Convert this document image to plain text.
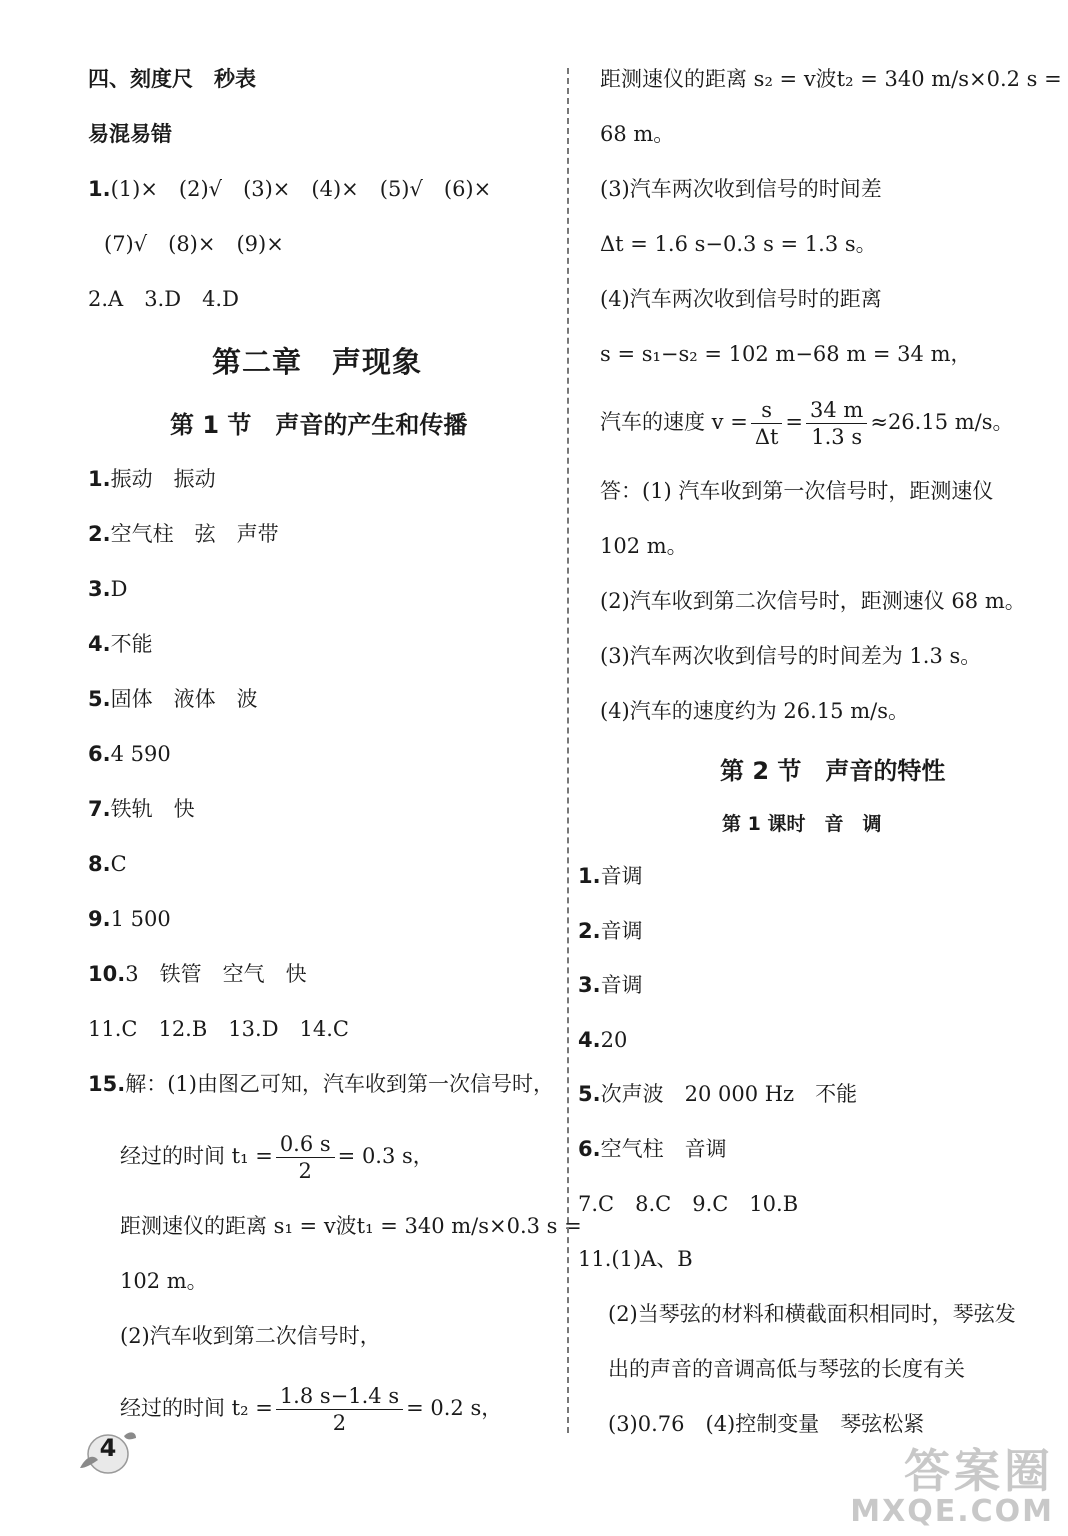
四、刻度尺　秒表
易混易错
1.(1)×　(2)√　(3)×　(4)×　(5)√　(6)×
(7)√　(8)×　(9)×
2.A　3.D　4.D
第二章　声现象
第 1 节　声音的产生和传播
1.振动　振动
2.空气柱　弦　声带
3.D
4.不能
5.固体　液体　波
6.4 590
7.铁轨　快
8.C
9.1 500
10.3　铁管　空气　快
11.C　12.B　13.D　14.C
15.解：(1)由图乙可知，汽车收到第一次信号时，
经过的时间 $t_1 = \frac{0.6 s}{2} = 0.3$ s，
距测速仪的距离 s₁ = v波t₁ = 340 m/s×0.3 s =
102 m。
(2)汽车收到第二次信号时，
经过的时间 $t_2 = \frac{1.8 s-1.4 s}{2} = 0.2$ s，
距测速仪的距离 s₂ = v波t₂ = 340 m/s×0.2 s =
68 m。
(3)汽车两次收到信号的时间差
Δt = 1.6 s−0.3 s = 1.3 s。
(4)汽车两次收到信号时的距离
s = s₁−s₂ = 102 m−68 m = 34 m，
汽车的速度 $v = \frac{s}{\Delta t} = \frac{34 m}{1.3 s} \approx 26.15$ m/s。
答：(1) 汽车收到第一次信号时，距测速仪
102 m。
(2)汽车收到第二次信号时，距测速仪 68 m。
(3)汽车两次收到信号的时间差为 1.3 s。
(4)汽车的速度约为 26.15 m/s。
第 2 节　声音的特性
第 1 课时　音　调
1.音调
2.音调
3.音调
4.20
5.次声波　20 000 Hz　不能
6.空气柱　音调
7.C　8.C　9.C　10.B
11.(1)A、B
(2)当琴弦的材料和横截面积相同时，琴弦发
出的声音的音调高低与琴弦的长度有关
(3)0.76　(4)控制变量　琴弦松紧
4	答案圈
MXQE.COM
